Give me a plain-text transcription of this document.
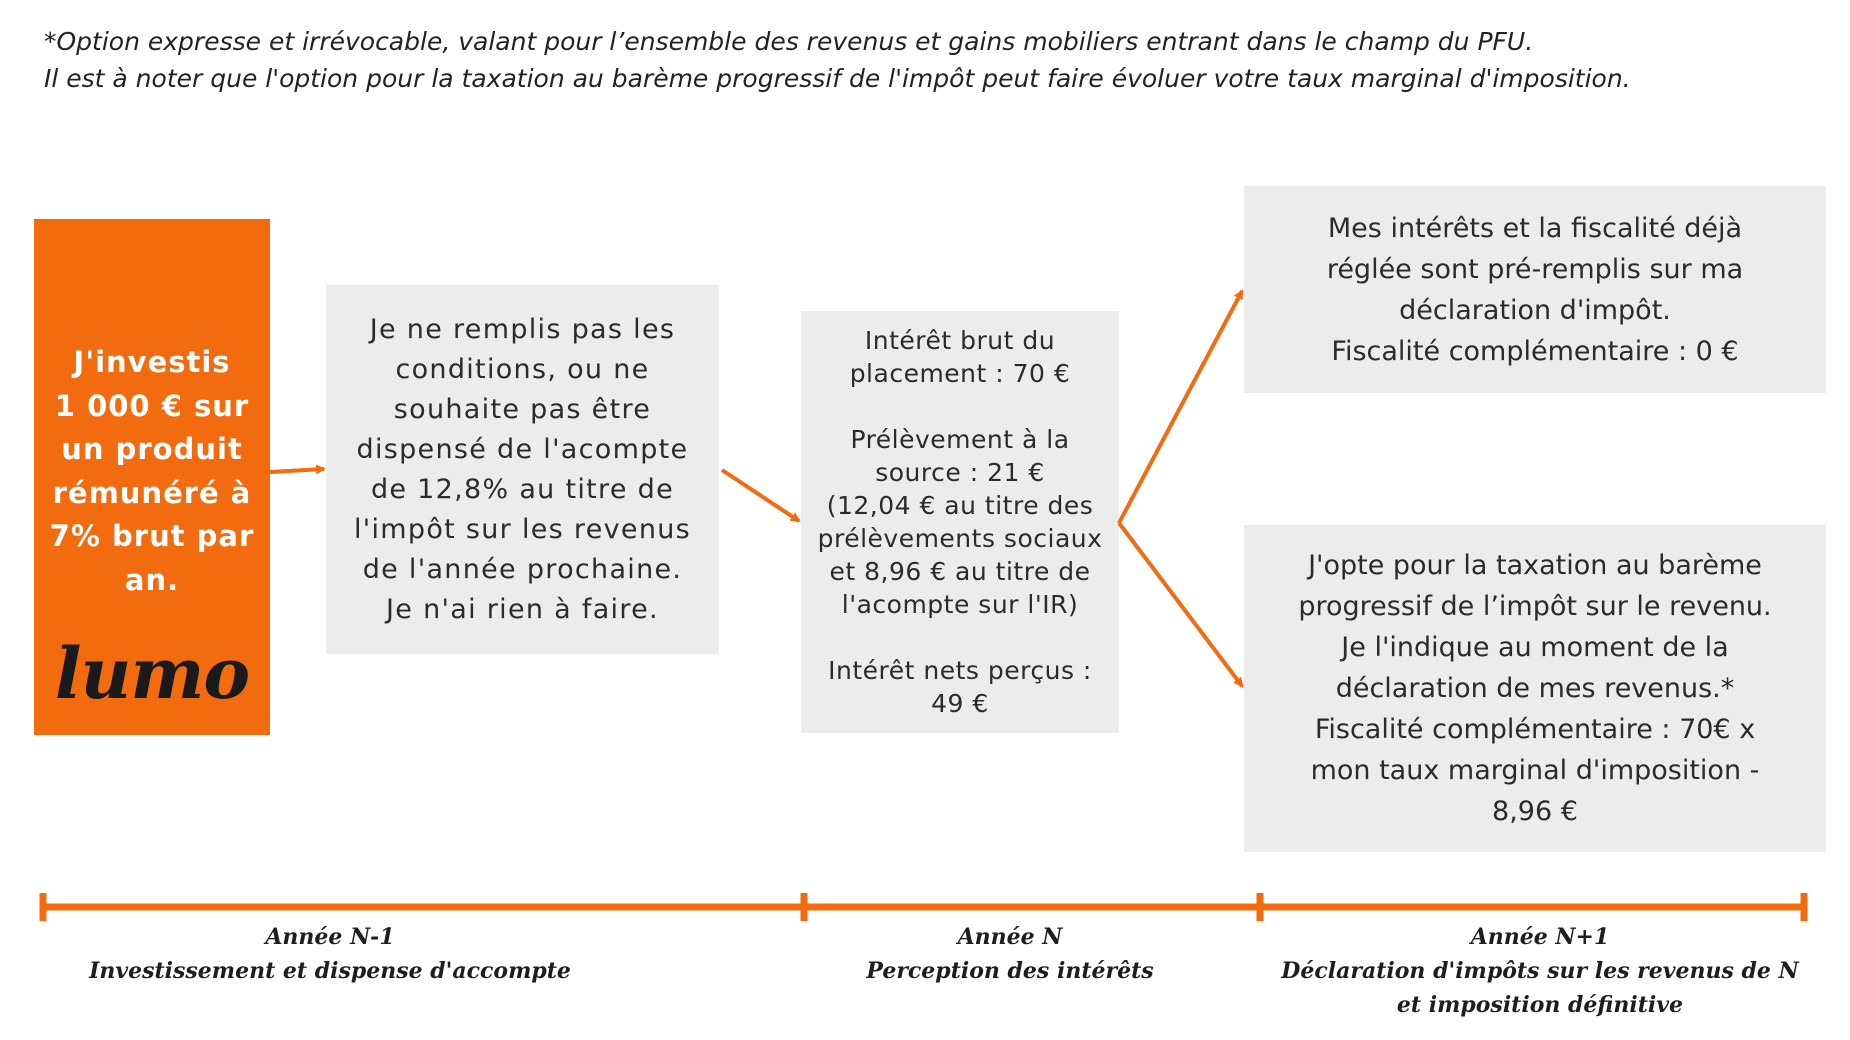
*Option expresse et irrévocable, valant pour l’ensemble des revenus et gains mobiliers entrant dans le champ du PFU.
Il est à noter que l'option pour la taxation au barème progressif de l'impôt peut faire évoluer votre taux marginal d'imposition.
J'investis
1 000 € sur
un produit
rémunéré à
7% brut par
an.
lumo
Je ne remplis pas les
conditions, ou ne
souhaite pas être
dispensé de l'acompte
de 12,8% au titre de
l'impôt sur les revenus
de l'année prochaine.
Je n'ai rien à faire.
Intérêt brut du
placement : 70 €

Prélèvement à la
source : 21 €
(12,04 € au titre des
prélèvements sociaux
et 8,96 € au titre de
l'acompte sur l'IR)

Intérêt nets perçus :
49 €
Mes intérêts et la fiscalité déjà
réglée sont pré-remplis sur ma
déclaration d'impôt.
Fiscalité complémentaire : 0 €
J'opte pour la taxation au barème
progressif de l’impôt sur le revenu.
Je l'indique au moment de la
déclaration de mes revenus.*
Fiscalité complémentaire : 70€ x
mon taux marginal d'imposition -
8,96 €
Année N-1
Investissement et dispense d'accompte
Année N
Perception des intérêts
Année N+1
Déclaration d'impôts sur les revenus de N
et imposition définitive
